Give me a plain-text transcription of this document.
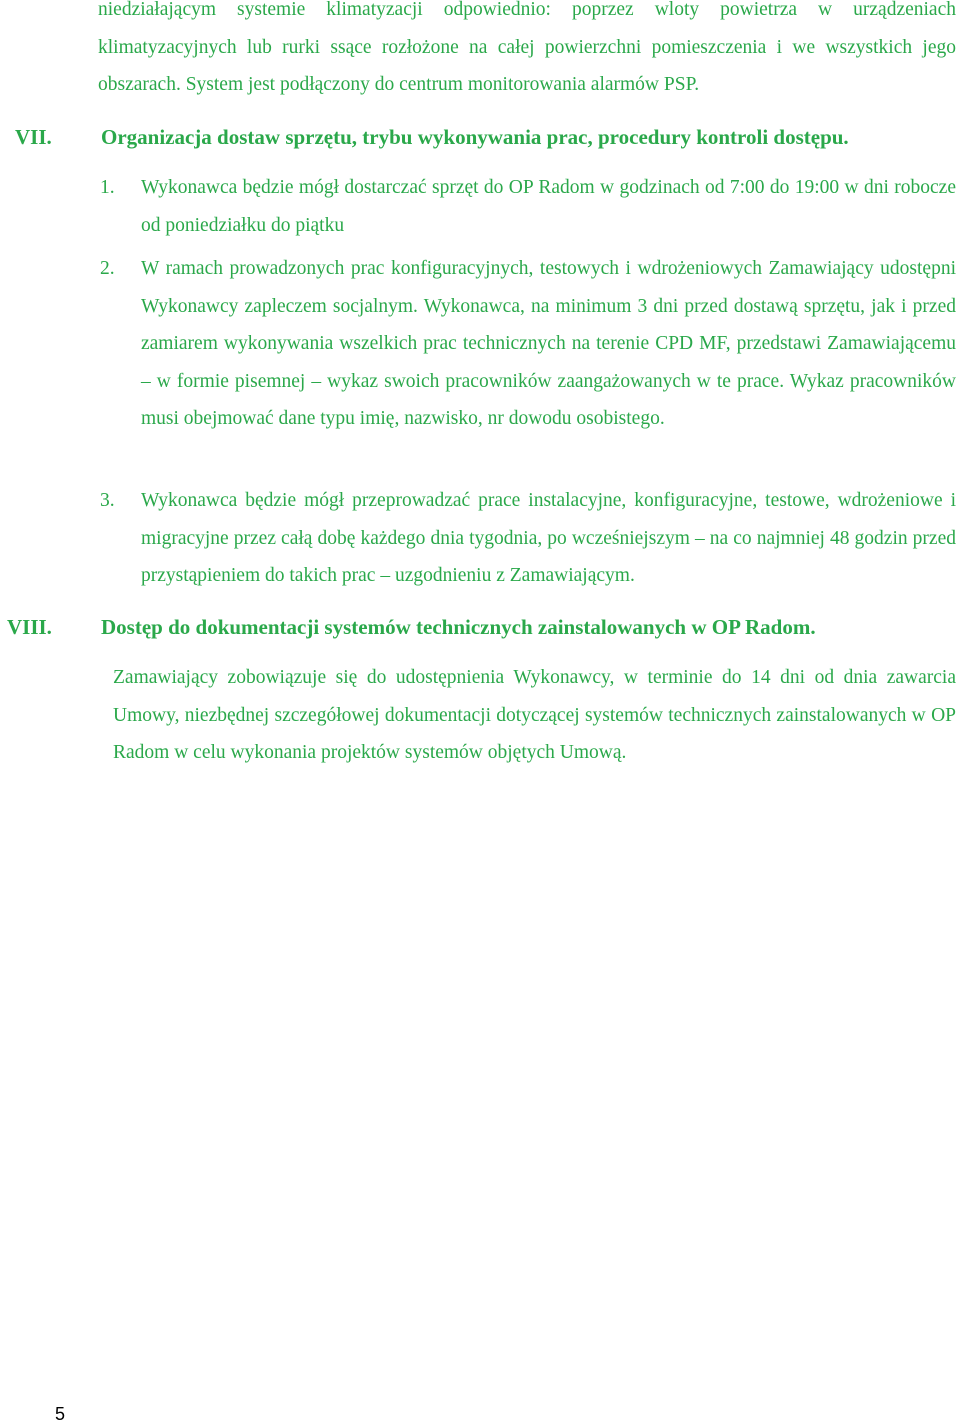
niedziałającym systemie klimatyzacji odpowiednio: poprzez wloty powietrza w urządzeniach klimatyzacyjnych lub rurki ssące rozłożone na całej powierzchni pomieszczenia i we wszystkich jego obszarach. System jest podłączony do centrum monitorowania alarmów PSP.

VII. Organizacja dostaw sprzętu, trybu wykonywania prac, procedury kontroli dostępu.
1. Wykonawca będzie mógł dostarczać sprzęt do OP Radom w godzinach od 7:00 do 19:00 w dni robocze od poniedziałku do piątku

2. W ramach prowadzonych prac konfiguracyjnych, testowych i wdrożeniowych Zamawiający udostępni Wykonawcy zapleczem socjalnym. Wykonawca, na minimum 3 dni przed dostawą sprzętu, jak i przed zamiarem wykonywania wszelkich prac technicznych na terenie CPD MF, przedstawi Zamawiającemu – w formie pisemnej – wykaz swoich pracowników zaangażowanych w te prace. Wykaz pracowników musi obejmować dane typu imię, nazwisko, nr dowodu osobistego.

3. Wykonawca będzie mógł przeprowadzać prace instalacyjne, konfiguracyjne, testowe, wdrożeniowe i migracyjne przez całą dobę każdego dnia tygodnia, po wcześniejszym – na co najmniej 48 godzin przed przystąpieniem do takich prac – uzgodnieniu z Zamawiającym.

VIII. Dostęp do dokumentacji systemów technicznych zainstalowanych w OP Radom.

Zamawiający zobowiązuje się do udostępnienia Wykonawcy, w terminie do 14 dni od dnia zawarcia Umowy, niezbędnej szczegółowej dokumentacji dotyczącej systemów technicznych zainstalowanych w OP Radom w celu wykonania projektów systemów objętych Umową.

5
